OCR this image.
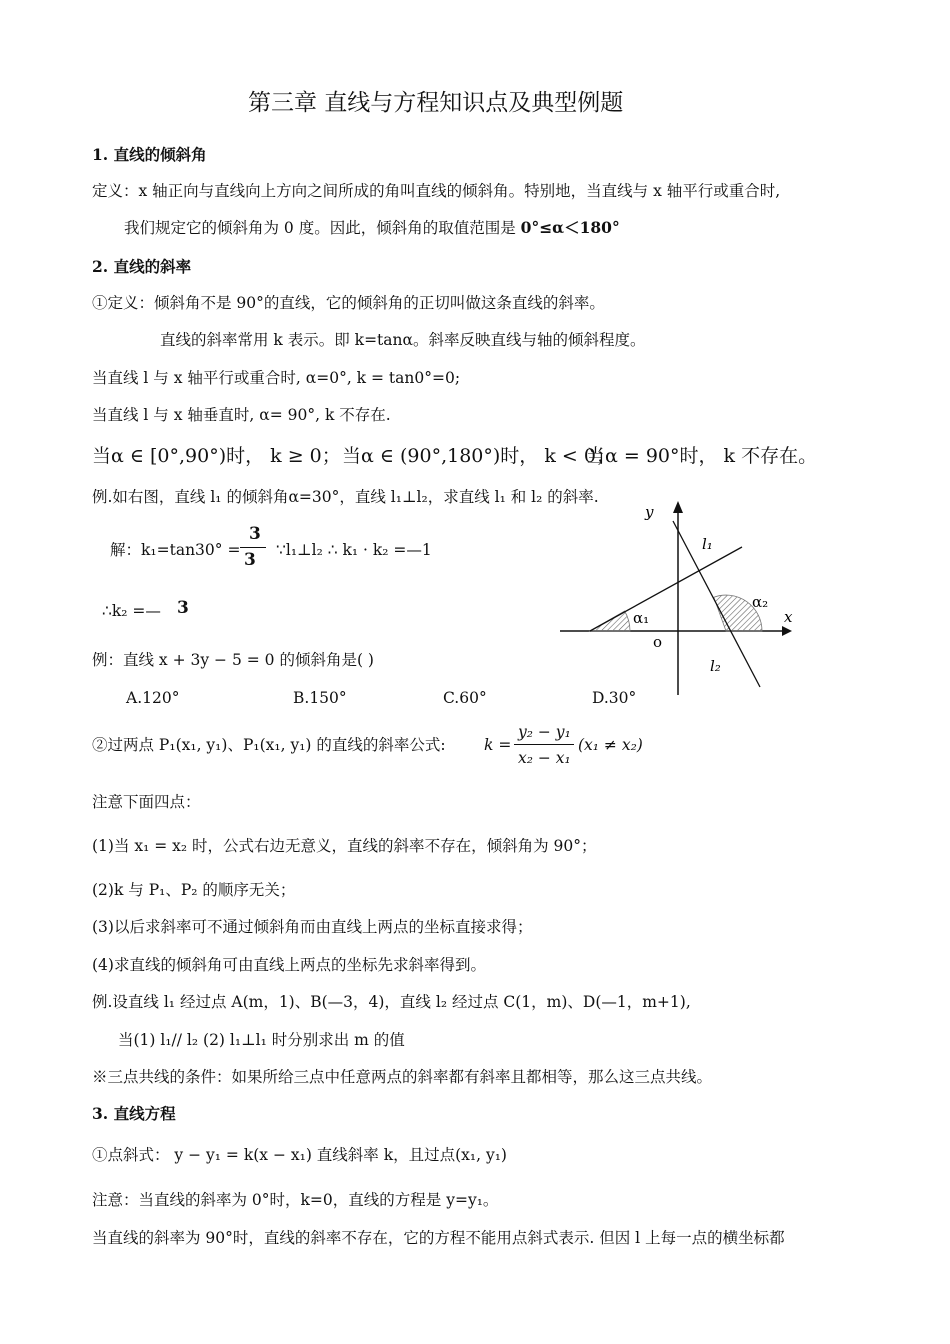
第三章 直线与方程知识点及典型例题
1. 直线的倾斜角
定义：x 轴正向与直线向上方向之间所成的角叫直线的倾斜角。特别地，当直线与 x 轴平行或重合时,
我们规定它的倾斜角为 0 度。因此，倾斜角的取值范围是 0°≤α＜180°
2. 直线的斜率
①定义：倾斜角不是 90°的直线，它的倾斜角的正切叫做这条直线的斜率。
直线的斜率常用 k 表示。即 k=tanα。斜率反映直线与轴的倾斜程度。
当直线 l 与 x 轴平行或重合时, α=0°, k = tan0°=0;
当直线 l 与 x 轴垂直时, α= 90°, k 不存在.
当α ∈ [0°,90°)时， k ≥ 0； 当α ∈ (90°,180°)时， k < 0；
当α = 90°时， k 不存在。
例.如右图，直线 l₁ 的倾斜角α=30°，直线 l₁⊥l₂，求直线 l₁ 和 l₂ 的斜率.
解：k₁=tan30° =
3
3 ∵l₁⊥l₂ ∴ k₁ · k₂ =—1
∴k₂ =— 3
例：直线 x + 3y − 5 = 0 的倾斜角是( )
A.120°	B.150°	C.60°	D.30°
②过两点 P₁(x₁, y₁)、P₁(x₁, y₁) 的直线的斜率公式: k =
y₂ − y₁
x₂ − x₁
(x₁ ≠ x₂)
注意下面四点：
(1)当 x₁ = x₂ 时，公式右边无意义，直线的斜率不存在，倾斜角为 90°；
(2)k 与 P₁、P₂ 的顺序无关；
(3)以后求斜率可不通过倾斜角而由直线上两点的坐标直接求得；
(4)求直线的倾斜角可由直线上两点的坐标先求斜率得到。
例.设直线 l₁ 经过点 A(m，1)、B(—3，4)，直线 l₂ 经过点 C(1，m)、D(—1，m+1),
当(1) l₁// l₂ (2) l₁⊥l₁ 时分别求出 m 的值
※三点共线的条件：如果所给三点中任意两点的斜率都有斜率且都相等，那么这三点共线。
3. 直线方程
①点斜式： y − y₁ = k(x − x₁) 直线斜率 k，且过点(x₁, y₁)
注意：当直线的斜率为 0°时，k=0，直线的方程是 y=y₁。
当直线的斜率为 90°时，直线的斜率不存在，它的方程不能用点斜式表示. 但因 l 上每一点的横坐标都
y
x
o
l₁
l₂
α₁
α₂
